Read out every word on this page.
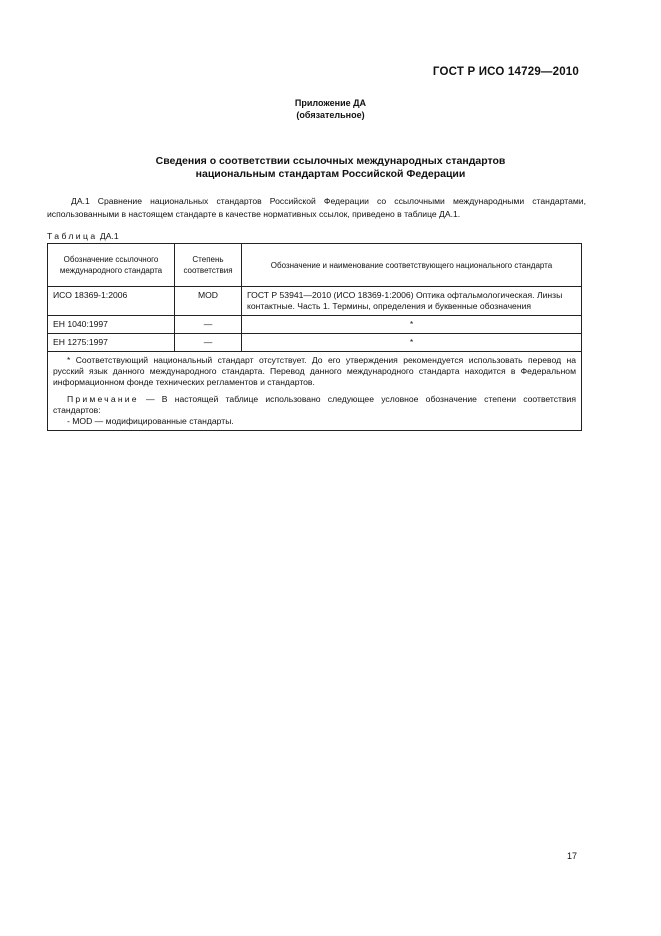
ГОСТ Р ИСО 14729—2010
Приложение ДА
(обязательное)
Сведения о соответствии ссылочных международных стандартов
национальным стандартам Российской Федерации
ДА.1 Сравнение национальных стандартов Российской Федерации со ссылочными международными стандартами, использованными в настоящем стандарте в качестве нормативных ссылок, приведено в таблице ДА.1.
Таблица ДА.1
Обозначение ссылочного международного стандарта	Степень соответствия	Обозначение и наименование соответствующего национального стандарта
ИСО 18369-1:2006	MOD	ГОСТ Р 53941—2010 (ИСО 18369-1:2006) Оптика офтальмологическая. Линзы контактные. Часть 1. Термины, определения и буквенные обозначения
ЕН 1040:1997	—	*
ЕН 1275:1997	—	*

* Соответствующий национальный стандарт отсутствует. До его утверждения рекомендуется использовать перевод на русский язык данного международного стандарта. Перевод данного международного стандарта находится в Федеральном информационном фонде технических регламентов и стандартов.

Примечание — В настоящей таблице использовано следующее условное обозначение степени соответствия стандартов:

- MOD — модифицированные стандарты.		

17
